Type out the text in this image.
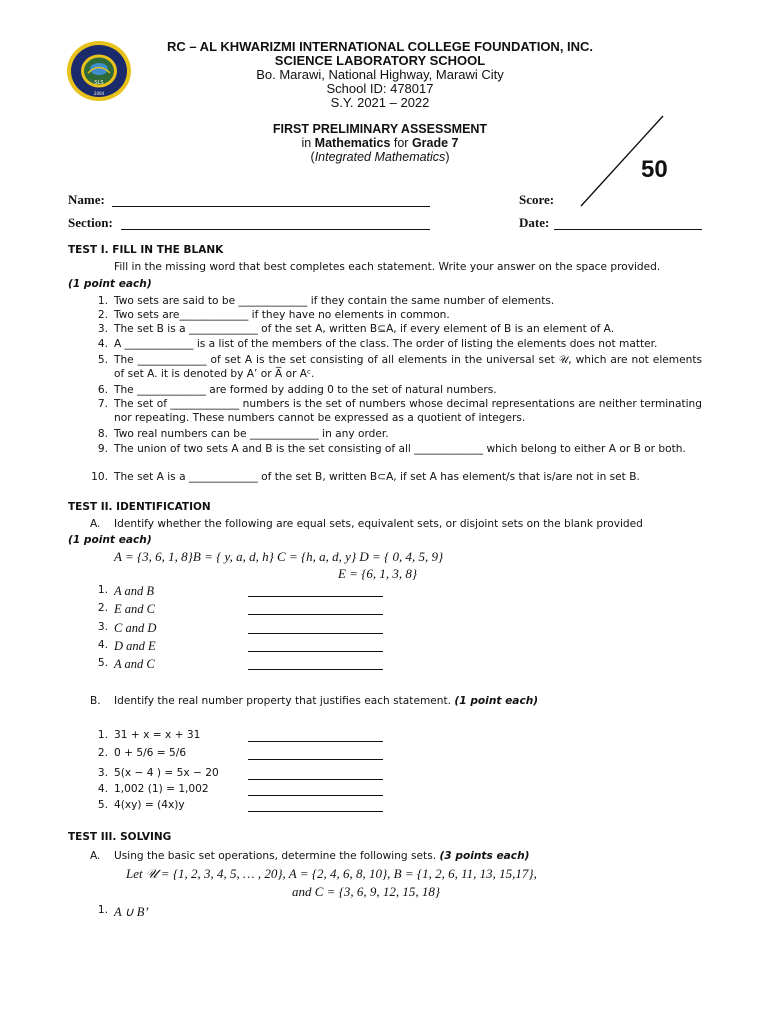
SLS
2004
RC – AL KHWARIZMI INTERNATIONAL COLLEGE FOUNDATION, INC.
SCIENCE LABORATORY SCHOOL
Bo. Marawi, National Highway, Marawi City
School ID: 478017
S.Y. 2021 – 2022
FIRST PRELIMINARY ASSESSMENT
in Mathematics for Grade 7
(Integrated Mathematics)	50
Name:	Score:
Section:	Date:
TEST I. FILL IN THE BLANK
Fill in the missing word that best completes each statement. Write your answer on the space provided.
(1 point each)
1. Two sets are said to be _____________ if they contain the same number of elements.
2. Two sets are_____________ if they have no elements in common.
3. The set B is a _____________ of the set A, written B⊆A, if every element of B is an element of A.
4. A _____________ is a list of the members of the class. The order of listing the elements does not matter.
5. The _____________ of set A is the set consisting of all elements in the universal set 𝒰, which are not elements of set A. it is denoted by A’ or A̅ or Aᶜ.
6. The _____________ are formed by adding 0 to the set of natural numbers.
7. The set of _____________ numbers is the set of numbers whose decimal representations are neither terminating nor repeating. These numbers cannot be expressed as a quotient of integers.
8. Two real numbers can be _____________ in any order.
9. The union of two sets A and B is the set consisting of all _____________ which belong to either A or B or both.
10. The set A is a _____________ of the set B, written B⊂A, if set A has element/s that is/are not in set B.
TEST II. IDENTIFICATION
A. Identify whether the following are equal sets, equivalent sets, or disjoint sets on the blank provided
(1 point each)
A = {3, 6, 1, 8}B = { y, a, d, h} C = {h, a, d, y} D = { 0, 4, 5, 9}
E = {6, 1, 3, 8}
1. A and B
2. E and C
3. C and D
4. D and E
5. A and C
B. Identify the real number property that justifies each statement. (1 point each)
1. 31 + x = x + 31
2. 0 + 5/6 = 5/6
3. 5(x − 4 ) = 5x − 20
4. 1,002 (1) = 1,002
5. 4(xy) = (4x)y
TEST III. SOLVING
A. Using the basic set operations, determine the following sets. (3 points each)
Let 𝒰 = {1, 2, 3, 4, 5, … , 20}, A = {2, 4, 6, 8, 10}, B = {1, 2, 6, 11, 13, 15,17},
and C = {3, 6, 9, 12, 15, 18}
1. A ∪ B’
